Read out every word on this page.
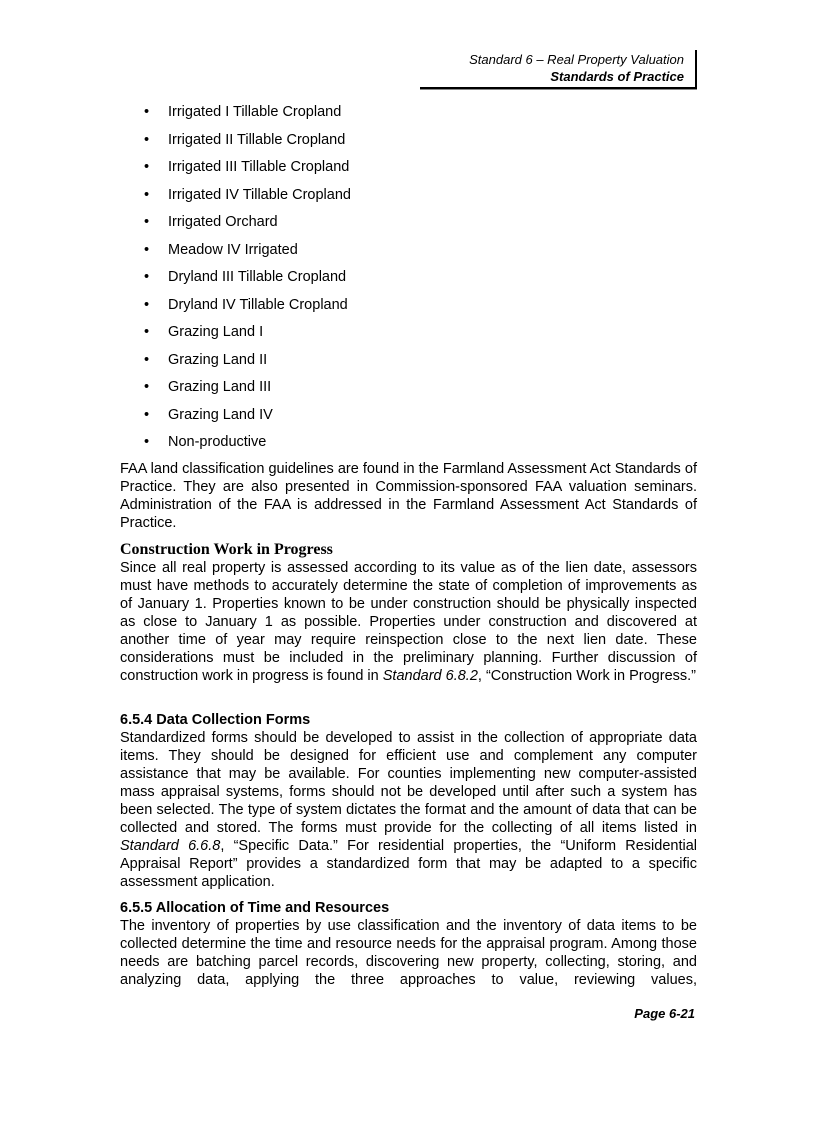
Standard 6 – Real Property Valuation
Standards of Practice
• Irrigated I Tillable Cropland
• Irrigated II Tillable Cropland
• Irrigated III Tillable Cropland
• Irrigated IV Tillable Cropland
• Irrigated Orchard
• Meadow IV Irrigated
• Dryland III Tillable Cropland
• Dryland IV Tillable Cropland
• Grazing Land I
• Grazing Land II
• Grazing Land III
• Grazing Land IV
• Non-productive

FAA land classification guidelines are found in the Farmland Assessment Act Standards of Practice. They are also presented in Commission-sponsored FAA valuation seminars. Administration of the FAA is addressed in the Farmland Assessment Act Standards of Practice.

Construction Work in Progress

Since all real property is assessed according to its value as of the lien date, assessors must have methods to accurately determine the state of completion of improvements as of January 1. Properties known to be under construction should be physically inspected as close to January 1 as possible. Properties under construction and discovered at another time of year may require reinspection close to the next lien date. These considerations must be included in the preliminary planning. Further discussion of construction work in progress is found in Standard 6.8.2, “Construction Work in Progress.”

6.5.4 Data Collection Forms

Standardized forms should be developed to assist in the collection of appropriate data items. They should be designed for efficient use and complement any computer assistance that may be available. For counties implementing new computer-assisted mass appraisal systems, forms should not be developed until after such a system has been selected. The type of system dictates the format and the amount of data that can be collected and stored. The forms must provide for the collecting of all items listed in Standard 6.6.8, “Specific Data.” For residential properties, the “Uniform Residential Appraisal Report” provides a standardized form that may be adapted to a specific assessment application.

6.5.5 Allocation of Time and Resources

The inventory of properties by use classification and the inventory of data items to be collected determine the time and resource needs for the appraisal program. Among those needs are batching parcel records, discovering new property, collecting, storing, and analyzing data, applying the three approaches to value, reviewing values,

Page 6-21
